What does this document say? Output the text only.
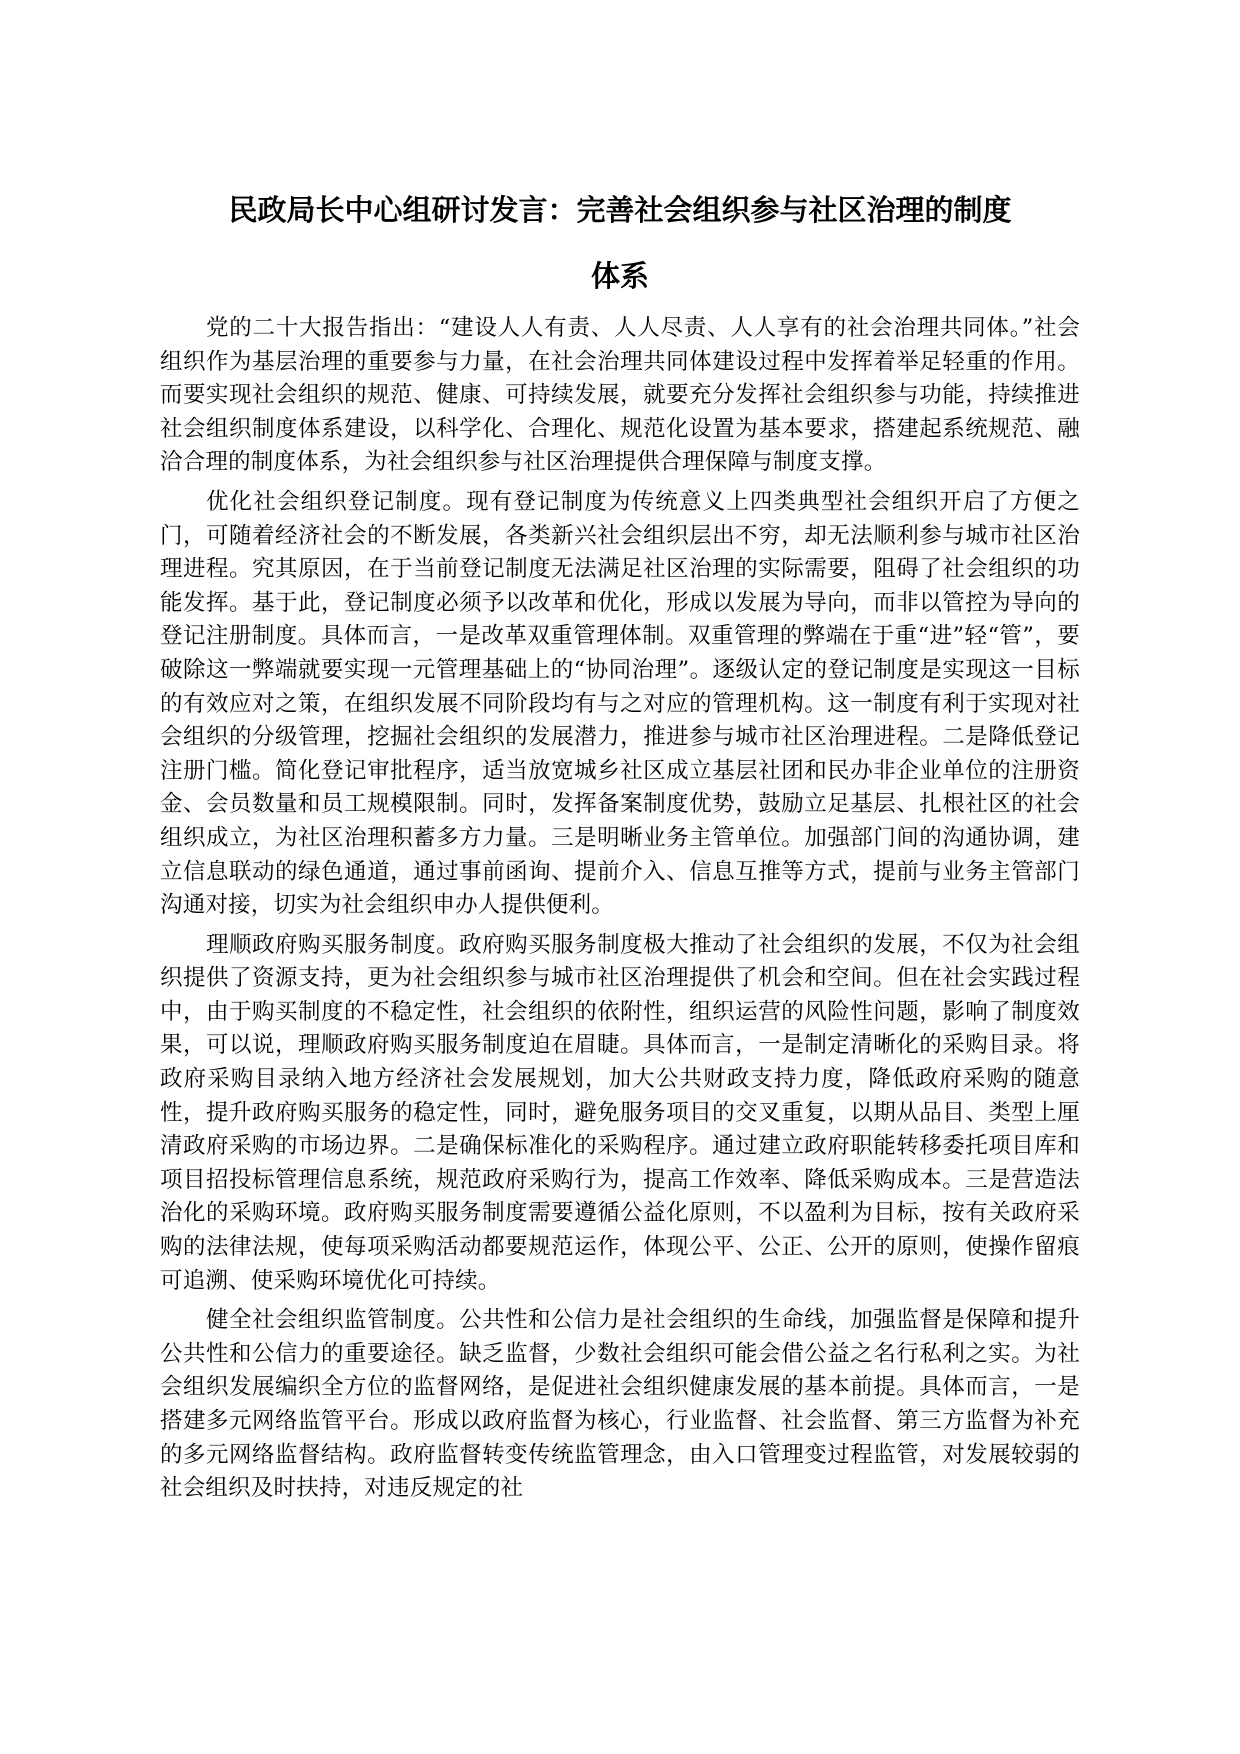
民政局长中心组研讨发言：完善社会组织参与社区治理的制度
体系

党的二十大报告指出：“建设人人有责、人人尽责、人人享有的社会治理共同体。”社会组织作为基层治理的重要参与力量，在社会治理共同体建设过程中发挥着举足轻重的作用。而要实现社会组织的规范、健康、可持续发展，就要充分发挥社会组织参与功能，持续推进社会组织制度体系建设，以科学化、合理化、规范化设置为基本要求，搭建起系统规范、融洽合理的制度体系，为社会组织参与社区治理提供合理保障与制度支撑。

优化社会组织登记制度。现有登记制度为传统意义上四类典型社会组织开启了方便之门，可随着经济社会的不断发展，各类新兴社会组织层出不穷，却无法顺利参与城市社区治理进程。究其原因，在于当前登记制度无法满足社区治理的实际需要，阻碍了社会组织的功能发挥。基于此，登记制度必须予以改革和优化，形成以发展为导向，而非以管控为导向的登记注册制度。具体而言，一是改革双重管理体制。双重管理的弊端在于重“进”轻“管”，要破除这一弊端就要实现一元管理基础上的“协同治理”。逐级认定的登记制度是实现这一目标的有效应对之策，在组织发展不同阶段均有与之对应的管理机构。这一制度有利于实现对社会组织的分级管理，挖掘社会组织的发展潜力，推进参与城市社区治理进程。二是降低登记注册门槛。简化登记审批程序，适当放宽城乡社区成立基层社团和民办非企业单位的注册资金、会员数量和员工规模限制。同时，发挥备案制度优势，鼓励立足基层、扎根社区的社会组织成立，为社区治理积蓄多方力量。三是明晰业务主管单位。加强部门间的沟通协调，建立信息联动的绿色通道，通过事前函询、提前介入、信息互推等方式，提前与业务主管部门沟通对接，切实为社会组织申办人提供便利。

理顺政府购买服务制度。政府购买服务制度极大推动了社会组织的发展，不仅为社会组织提供了资源支持，更为社会组织参与城市社区治理提供了机会和空间。但在社会实践过程中，由于购买制度的不稳定性，社会组织的依附性，组织运营的风险性问题，影响了制度效果，可以说，理顺政府购买服务制度迫在眉睫。具体而言，一是制定清晰化的采购目录。将政府采购目录纳入地方经济社会发展规划，加大公共财政支持力度，降低政府采购的随意性，提升政府购买服务的稳定性，同时，避免服务项目的交叉重复，以期从品目、类型上厘清政府采购的市场边界。二是确保标准化的采购程序。通过建立政府职能转移委托项目库和项目招投标管理信息系统，规范政府采购行为，提高工作效率、降低采购成本。三是营造法治化的采购环境。政府购买服务制度需要遵循公益化原则，不以盈利为目标，按有关政府采购的法律法规，使每项采购活动都要规范运作，体现公平、公正、公开的原则，使操作留痕可追溯、使采购环境优化可持续。

健全社会组织监管制度。公共性和公信力是社会组织的生命线，加强监督是保障和提升公共性和公信力的重要途径。缺乏监督，少数社会组织可能会借公益之名行私利之实。为社会组织发展编织全方位的监督网络，是促进社会组织健康发展的基本前提。具体而言，一是搭建多元网络监管平台。形成以政府监督为核心，行业监督、社会监督、第三方监督为补充的多元网络监督结构。政府监督转变传统监管理念，由入口管理变过程监管，对发展较弱的社会组织及时扶持，对违反规定的社
